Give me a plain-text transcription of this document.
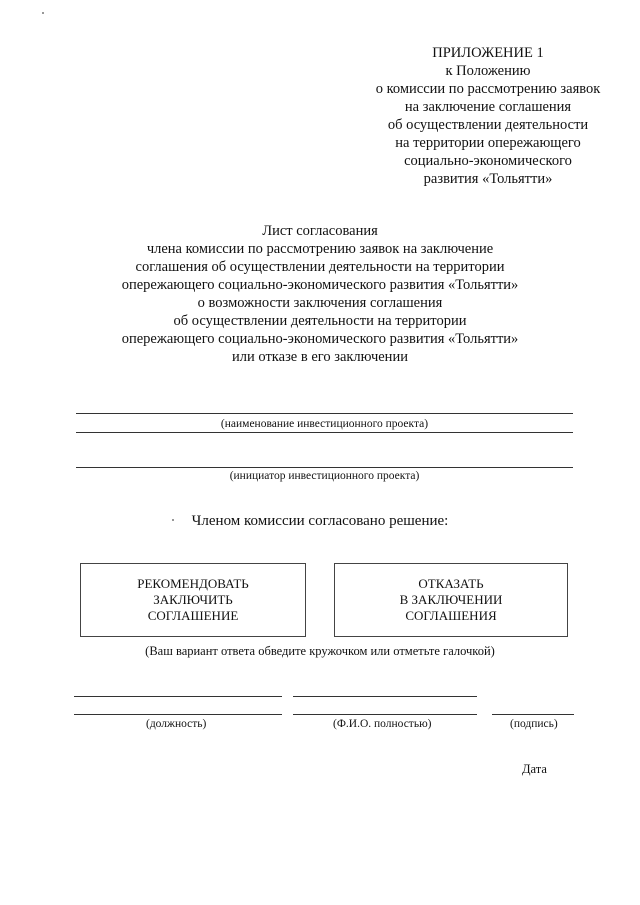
ПРИЛОЖЕНИЕ 1
к Положению
о комиссии по рассмотрению заявок
на заключение соглашения
об осуществлении деятельности
на территории опережающего
социально-экономического
развития «Тольятти»
Лист согласования
члена комиссии по рассмотрению заявок на заключение
соглашения об осуществлении деятельности на территории
опережающего социально-экономического развития «Тольятти»
о возможности заключения соглашения
об осуществлении деятельности на территории
опережающего социально-экономического развития «Тольятти»
или отказе в его заключении
(наименование инвестиционного проекта)
(инициатор инвестиционного проекта)
Членом комиссии согласовано решение:
РЕКОМЕНДОВАТЬ
ЗАКЛЮЧИТЬ
СОГЛАШЕНИЕ
ОТКАЗАТЬ
В ЗАКЛЮЧЕНИИ
СОГЛАШЕНИЯ
(Ваш вариант ответа обведите кружочком или отметьте галочкой)
(должность)	(Ф.И.О. полностью)	(подпись)
Дата
